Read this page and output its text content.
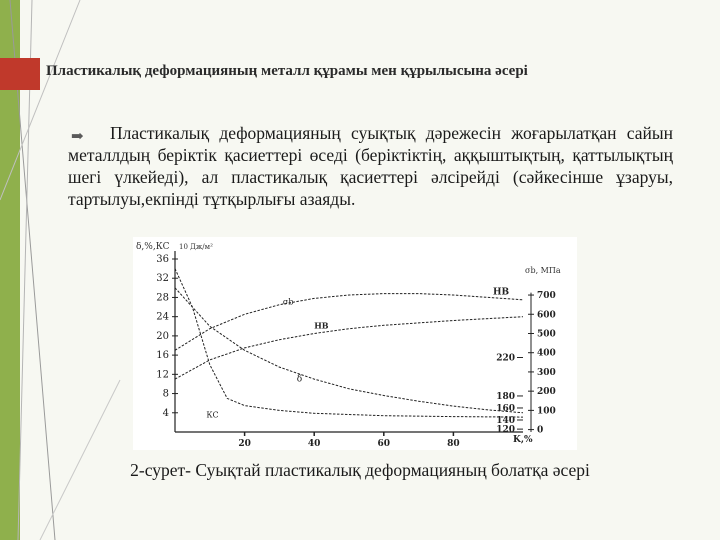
Пластикалық деформацияның металл құрамы мен құрылысына әсері
➡	Пластикалық деформацияның суықтық дәрежесін жоғарылатқан сайын металлдың беріктік қасиеттері өседі (беріктіктің, аққыштықтың, қаттылықтың шегі үлкейеді), ал пластикалық қасиеттері әлсірейді (сәйкесінше ұзаруы, тартылуы,екпінді тұтқырлығы азаяды.
36
32
28
24
20
16
12
8
4
20	40	60	80
220
180
160
140
120
700
600
500
400
300
200
100
0
δ,%,КС 10 Дж/м²
σb, МПа
K,%
σb
HB
δ
КС
HB
2-сурет- Суықтай пластикалық деформацияның болатқа әсері
